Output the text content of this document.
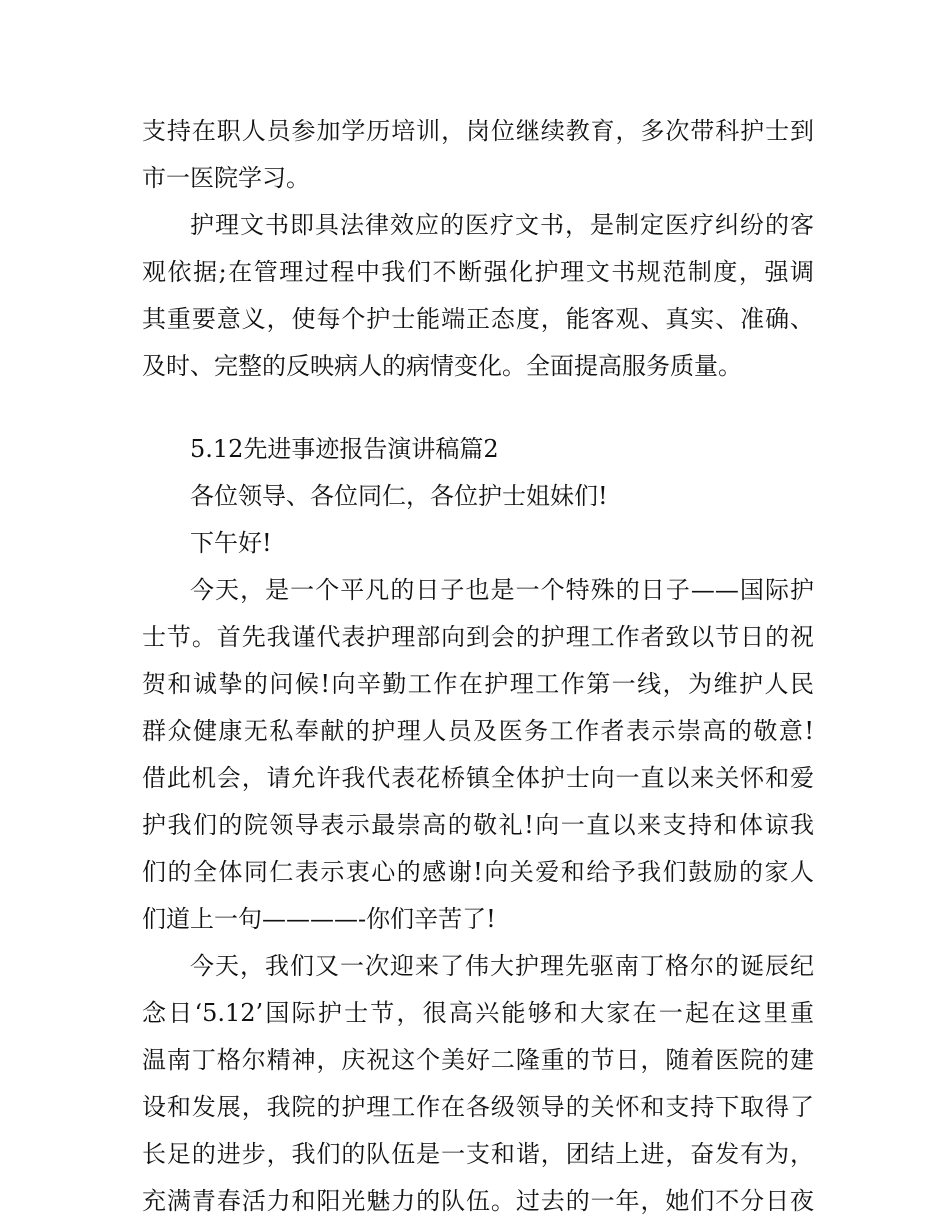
支持在职人员参加学历培训，岗位继续教育，多次带科护士到
市一医院学习。
护理文书即具法律效应的医疗文书，是制定医疗纠纷的客
观依据;在管理过程中我们不断强化护理文书规范制度，强调
其重要意义，使每个护士能端正态度，能客观、真实、准确、
及时、完整的反映病人的病情变化。全面提高服务质量。
5.12先进事迹报告演讲稿篇2
各位领导、各位同仁，各位护士姐妹们!
下午好!
今天，是一个平凡的日子也是一个特殊的日子——国际护
士节。首先我谨代表护理部向到会的护理工作者致以节日的祝
贺和诚挚的问候!向辛勤工作在护理工作第一线，为维护人民
群众健康无私奉献的护理人员及医务工作者表示崇高的敬意!
借此机会，请允许我代表花桥镇全体护士向一直以来关怀和爱
护我们的院领导表示最崇高的敬礼!向一直以来支持和体谅我
们的全体同仁表示衷心的感谢!向关爱和给予我们鼓励的家人
们道上一句————-你们辛苦了!
今天，我们又一次迎来了伟大护理先驱南丁格尔的诞辰纪
念日‘5.12’国际护士节，很高兴能够和大家在一起在这里重
温南丁格尔精神，庆祝这个美好二隆重的节日，随着医院的建
设和发展，我院的护理工作在各级领导的关怀和支持下取得了
长足的进步，我们的队伍是一支和谐，团结上进，奋发有为，
充满青春活力和阳光魅力的队伍。过去的一年，她们不分日夜
